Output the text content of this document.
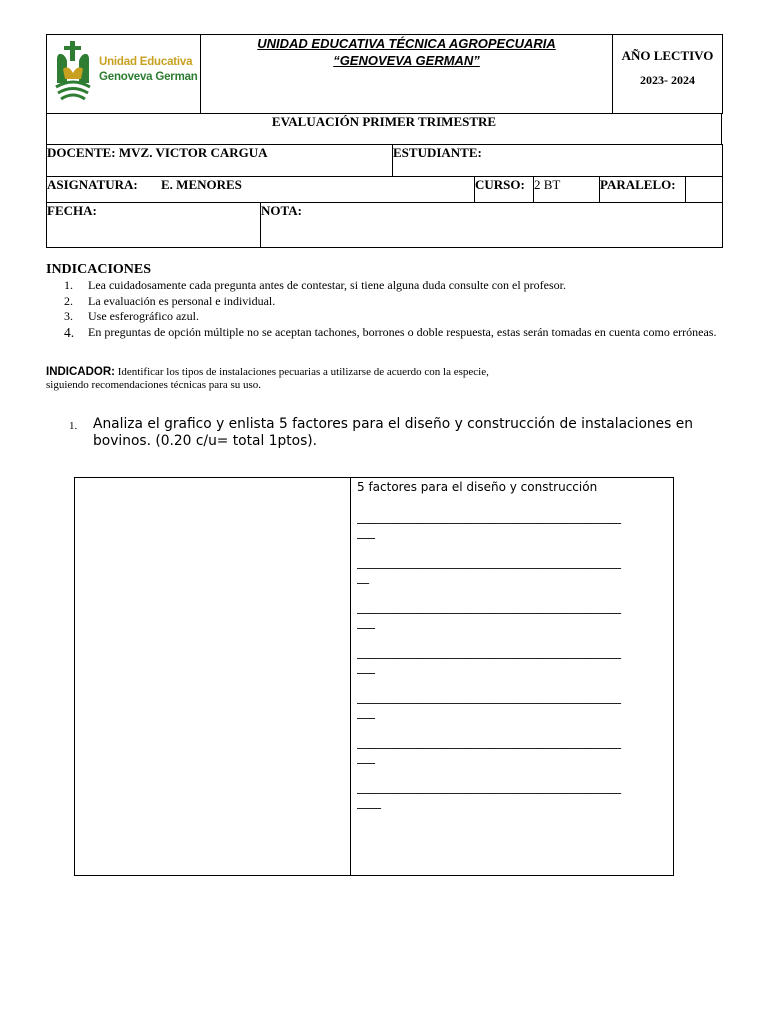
Unidad Educativa
Genoveva German

UNIDAD EDUCATIVA TÉCNICA AGROPECUARIA
“GENOVEVA GERMAN”	AÑO LECTIVO
2023- 2024
EVALUACIÓN PRIMER TRIMESTRE
DOCENTE: MVZ. VICTOR CARGUA	ESTUDIANTE:
ASIGNATURA: E. MENORES	CURSO:	2 BT	PARALELO:	
FECHA:	NOTA:
INDICACIONES
1. Lea cuidadosamente cada pregunta antes de contestar, si tiene alguna duda consulte con el profesor.
2. La evaluación es personal e individual.
3. Use esferográfico azul.
4. En preguntas de opción múltiple no se aceptan tachones, borrones o doble respuesta, estas serán tomadas en cuenta como erróneas.
INDICADOR: Identificar los tipos de instalaciones pecuarias a utilizarse de acuerdo con la especie,
siguiendo recomendaciones técnicas para su uso.
1. Analiza el grafico y enlista 5 factores para el diseño y construcción de instalaciones en bovinos. (0.20 c/u= total 1ptos).
5 factores para el diseño y construcción
____________________________________________
___
____________________________________________
__
____________________________________________
___
____________________________________________
___
____________________________________________
___
____________________________________________
___
____________________________________________
____
